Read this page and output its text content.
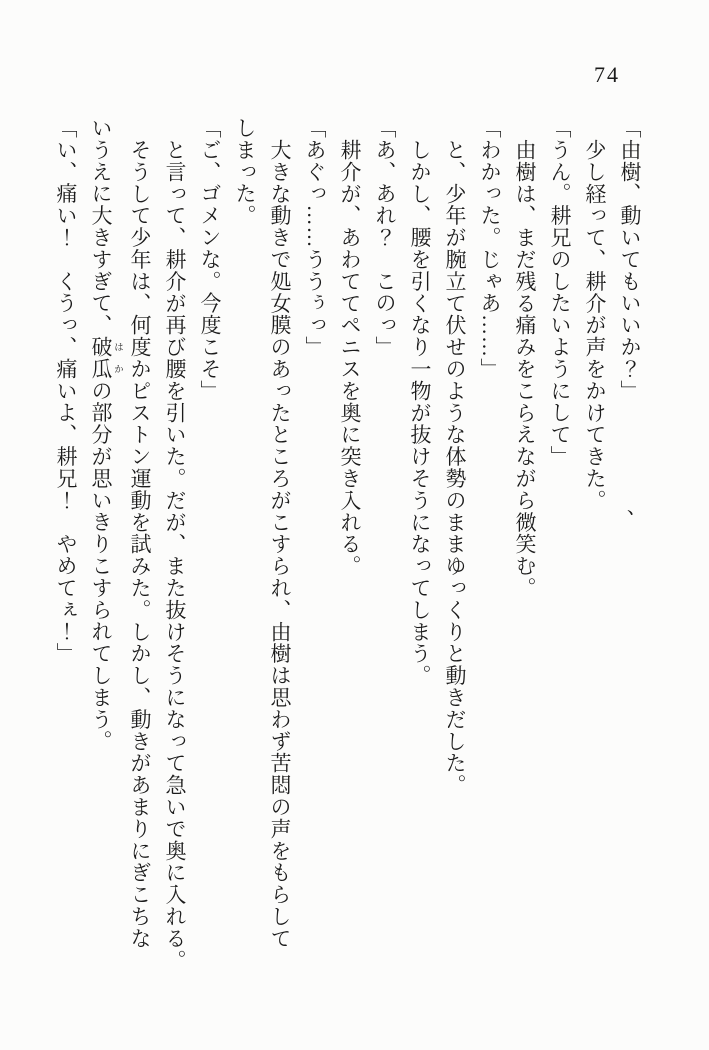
74
「由樹、動いてもいいか？」
少し経って、耕介が声をかけてきた。
「うん。耕兄のしたいようにして」
由樹は、まだ残る痛みをこらえながら微笑む。
「わかった。じゃあ……」
と、少年が腕立て伏せのような体勢のままゆっくりと動きだした。
しかし、腰を引くなり一物が抜けそうになってしまう。
「あ、あれ？　このっ」
耕介が、あわててペニスを奥に突き入れる。
「あぐっ……ううぅっ」
大きな動きで処女膜のあったところがこすられ、由樹は思わず苦悶の声をもらして
しまった。
「ご、ゴメンな。今度こそ」
と言って、耕介が再び腰を引いた。だが、また抜けそうになって急いで奥に入れる。
そうして少年は、何度かピストン運動を試みた。しかし、動きがあまりにぎこちな
いうえに大きすぎて、破瓜 はかの部分が思いきりこすられてしまう。
「い、痛い！　くうっ、痛いよ、耕兄！　やめてぇ！」	、
